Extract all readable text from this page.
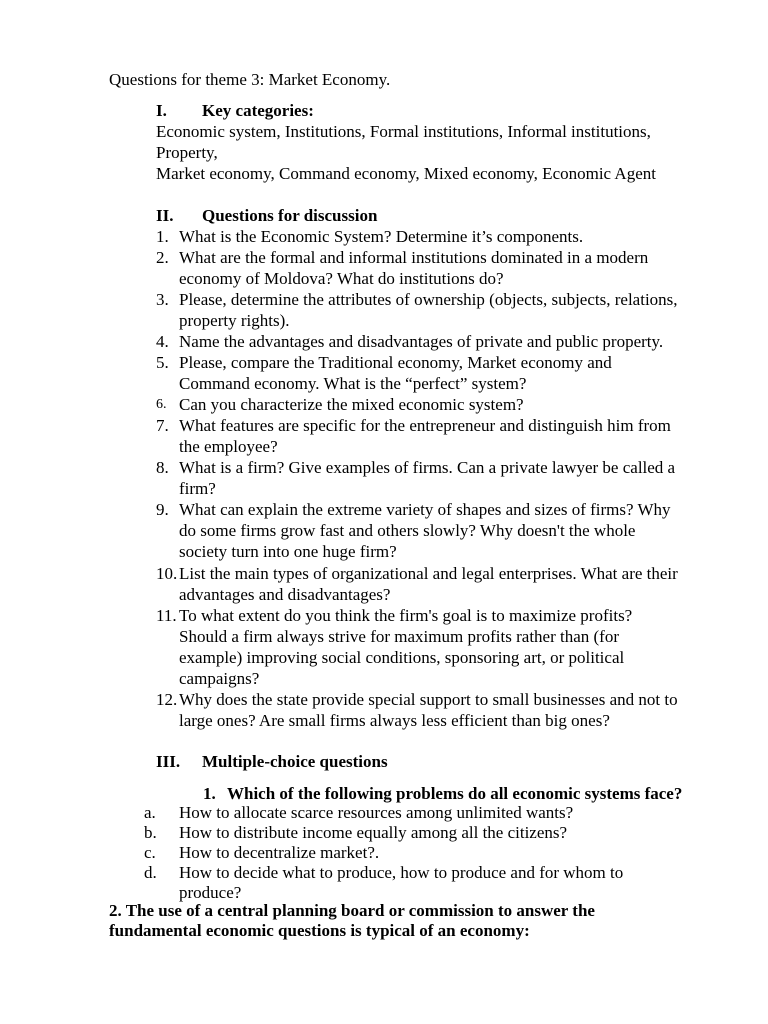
Questions for theme 3: Market Economy.
I. Key categories:
Economic system, Institutions, Formal institutions, Informal institutions,
Property,
Market economy, Command economy, Mixed economy, Economic Agent
II. Questions for discussion
1. What is the Economic System? Determine it’s components.
2. What are the formal and informal institutions dominated in a modern
economy of Moldova? What do institutions do?
3. Please, determine the attributes of ownership (objects, subjects, relations,
property rights).
4. Name the advantages and disadvantages of private and public property.
5. Please, compare the Traditional economy, Market economy and
Command economy. What is the “perfect” system?
6. Can you characterize the mixed economic system?
7. What features are specific for the entrepreneur and distinguish him from
the employee?
8. What is a firm? Give examples of firms. Can a private lawyer be called a
firm?
9. What can explain the extreme variety of shapes and sizes of firms? Why
do some firms grow fast and others slowly? Why doesn't the whole
society turn into one huge firm?
10. List the main types of organizational and legal enterprises. What are their
advantages and disadvantages?
11. To what extent do you think the firm's goal is to maximize profits?
Should a firm always strive for maximum profits rather than (for
example) improving social conditions, sponsoring art, or political
campaigns?
12. Why does the state provide special support to small businesses and not to
large ones? Are small firms always less efficient than big ones?
III. Multiple-choice questions
1. Which of the following problems do all economic systems face?
a. How to allocate scarce resources among unlimited wants?
b. How to distribute income equally among all the citizens?
c. How to decentralize market?.
d. How to decide what to produce, how to produce and for whom to
produce?
2. The use of a central planning board or commission to answer the
fundamental economic questions is typical of an economy:
